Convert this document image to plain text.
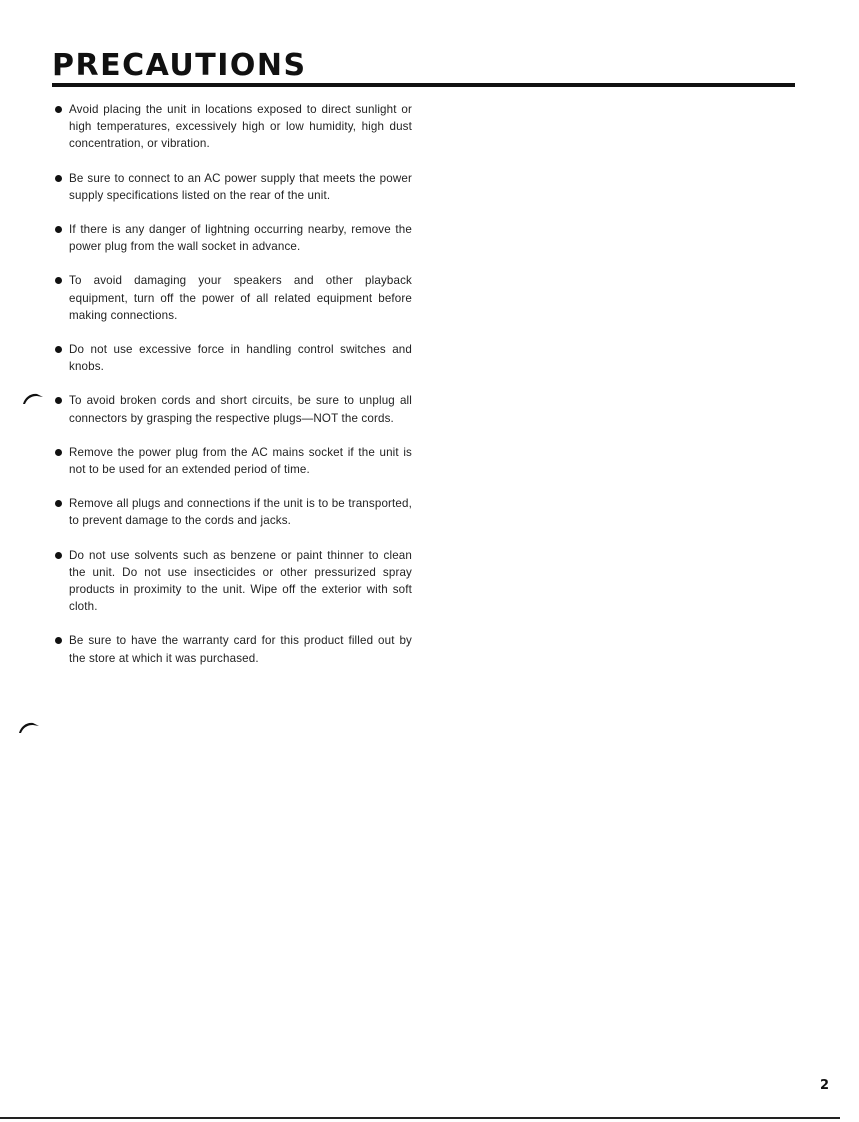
PRECAUTIONS
Avoid placing the unit in locations exposed to direct sunlight or high temperatures, excessively high or low humidity, high dust concentration, or vibration.
Be sure to connect to an AC power supply that meets the power supply specifications listed on the rear of the unit.
If there is any danger of lightning occurring nearby, remove the power plug from the wall socket in advance.
To avoid damaging your speakers and other playback equipment, turn off the power of all related equipment before making connections.
Do not use excessive force in handling control switches and knobs.
To avoid broken cords and short circuits, be sure to unplug all connectors by grasping the respective plugs—NOT the cords.
Remove the power plug from the AC mains socket if the unit is not to be used for an extended period of time.
Remove all plugs and connections if the unit is to be transported, to prevent damage to the cords and jacks.
Do not use solvents such as benzene or paint thinner to clean the unit. Do not use insecticides or other pressurized spray products in proximity to the unit. Wipe off the exterior with soft cloth.
Be sure to have the warranty card for this product filled out by the store at which it was purchased.
2
